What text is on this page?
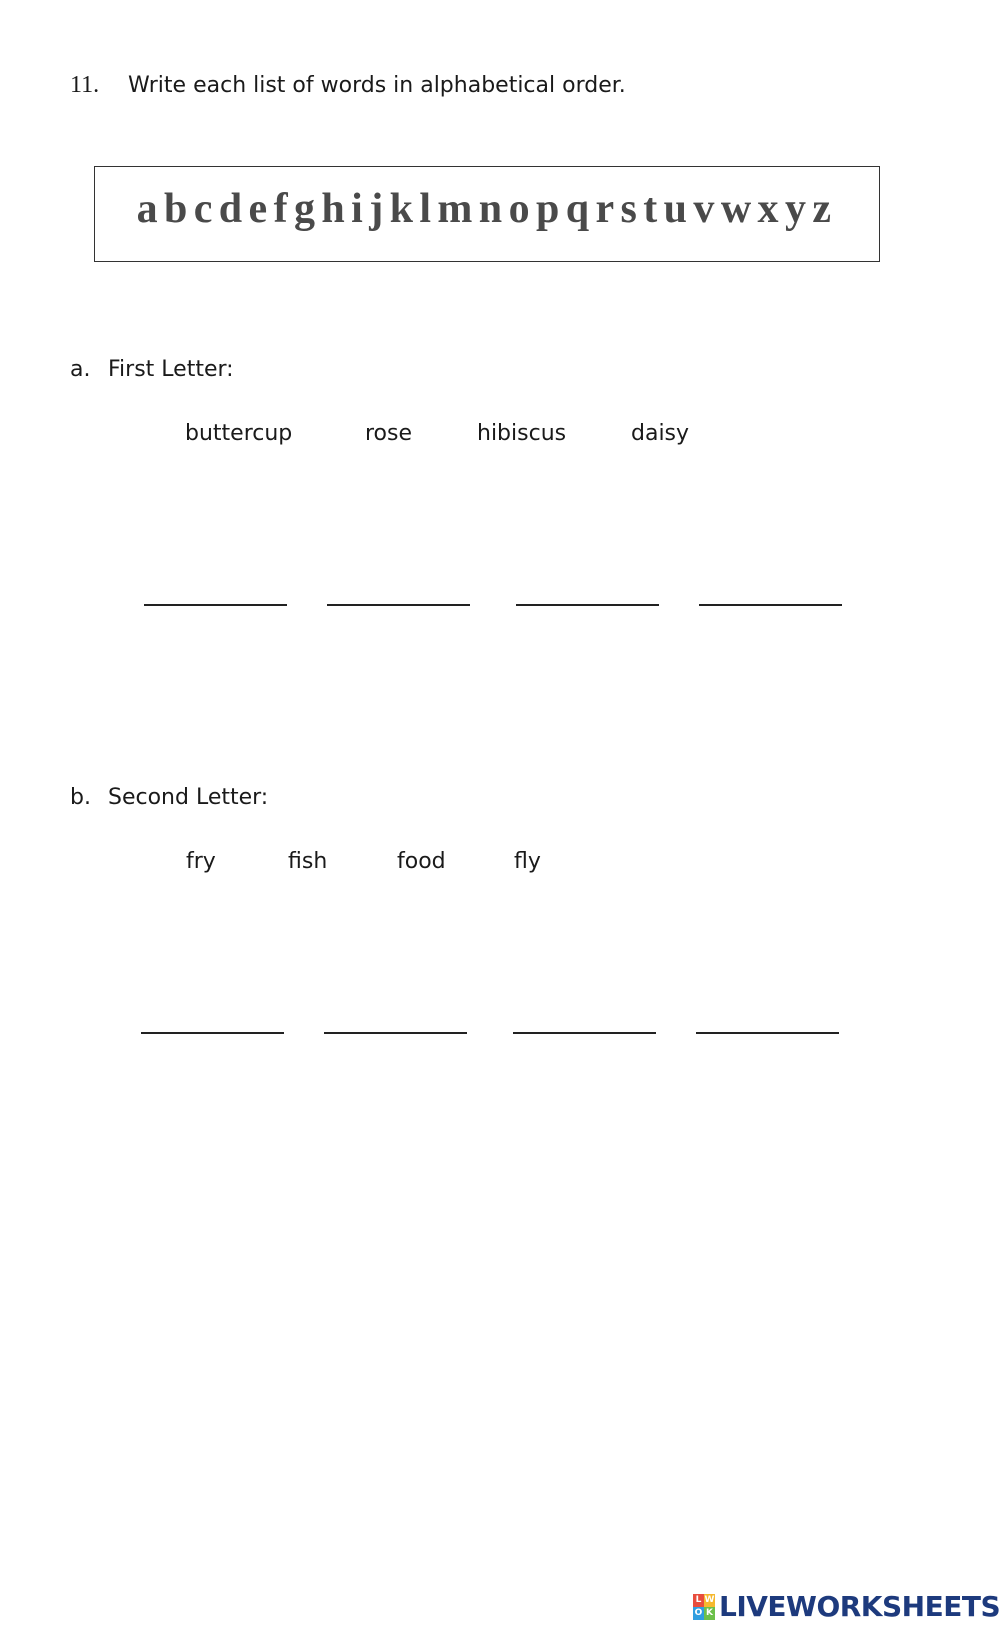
11. Write each list of words in alphabetical order.
abcdefghijklmnopqrstuvwxyz
a. First Letter:
buttercup	rose	hibiscus	daisy
b. Second Letter:
fry	fish	food	fly
L W
O K LIVEWORKSHEETS
